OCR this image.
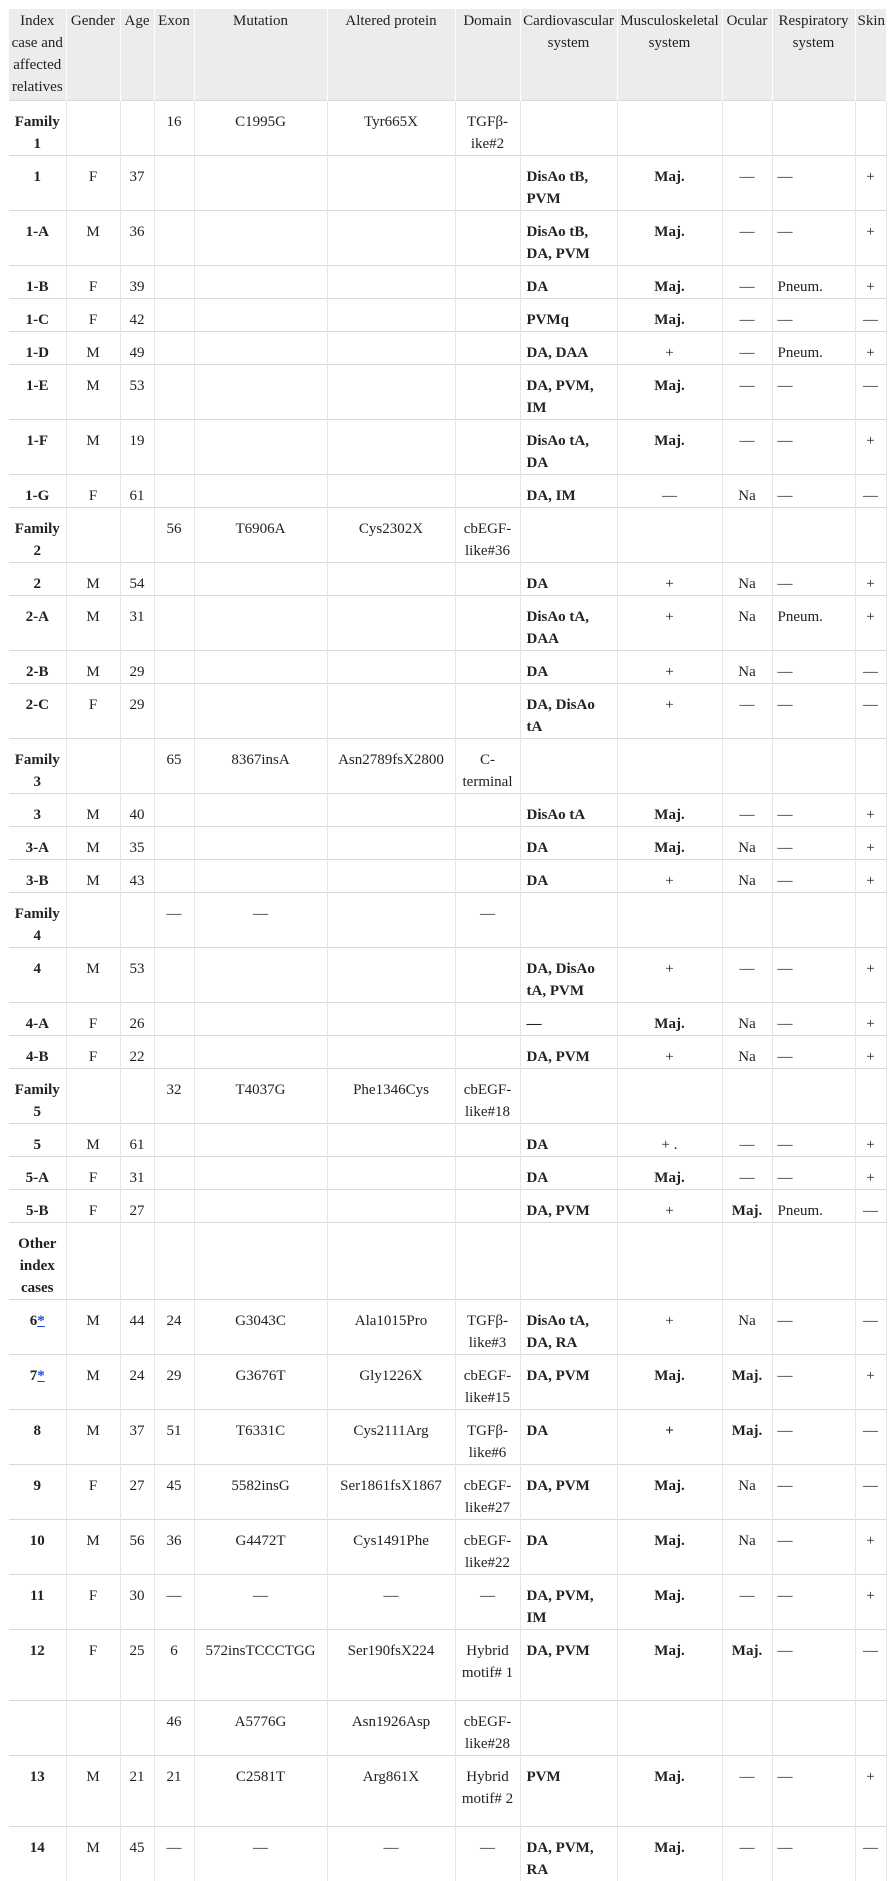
Index case and affected relatives	Gender	Age	Exon	Mutation	Altered protein	Domain	Cardiovascular system	Musculoskeletal system	Ocular	Respiratory system	Skin
Family 1			16	C1995G	Tyr665X	TGFβ-ike#2					
1	F	37					DisAo tB, PVM	Maj.	—	—	+
1-A	M	36					DisAo tB, DA, PVM	Maj.	—	—	+
1-B	F	39					DA	Maj.	—	Pneum.	+
1-C	F	42					PVMq	Maj.	—	—	—
1-D	M	49					DA, DAA	+	—	Pneum.	+
1-E	M	53					DA, PVM, IM	Maj.	—	—	—
1-F	M	19					DisAo tA, DA	Maj.	—	—	+
1-G	F	61					DA, IM	—	Na	—	—
Family 2			56	T6906A	Cys2302X	cbEGF-like#36					
2	M	54					DA	+	Na	—	+
2-A	M	31					DisAo tA, DAA	+	Na	Pneum.	+
2-B	M	29					DA	+	Na	—	—
2-C	F	29					DA, DisAo tA	+	—	—	—
Family 3			65	8367insA	Asn2789fsX2800	C-terminal					
3	M	40					DisAo tA	Maj.	—	—	+
3-A	M	35					DA	Maj.	Na	—	+
3-B	M	43					DA	+	Na	—	+
Family 4			—	—		—					
4	M	53					DA, DisAo tA, PVM	+	—	—	+
4-A	F	26					—	Maj.	Na	—	+
4-B	F	22					DA, PVM	+	Na	—	+
Family 5			32	T4037G	Phe1346Cys	cbEGF-like#18					
5	M	61					DA	+ .	—	—	+
5-A	F	31					DA	Maj.	—	—	+
5-B	F	27					DA, PVM	+	Maj.	Pneum.	—
Other index cases											
6*	M	44	24	G3043C	Ala1015Pro	TGFβ-like#3	DisAo tA, DA, RA	+	Na	—	—
7*	M	24	29	G3676T	Gly1226X	cbEGF-like#15	DA, PVM	Maj.	Maj.	—	+
8	M	37	51	T6331C	Cys2111Arg	TGFβ-like#6	DA	+	Maj.	—	—
9	F	27	45	5582insG	Ser1861fsX1867	cbEGF-like#27	DA, PVM	Maj.	Na	—	—
10	M	56	36	G4472T	Cys1491Phe	cbEGF-like#22	DA	Maj.	Na	—	+
11	F	30	—	—	—	—	DA, PVM, IM	Maj.	—	—	+
12	F	25	6	572insTCCCTGG	Ser190fsX224	Hybrid motif# 1	DA, PVM	Maj.	Maj.	—	—
			46	A5776G	Asn1926Asp	cbEGF-like#28					
13	M	21	21	C2581T	Arg861X	Hybrid motif# 2	PVM	Maj.	—	—	+
14	M	45	—	—	—	—	DA, PVM, RA	Maj.	—	—	—
